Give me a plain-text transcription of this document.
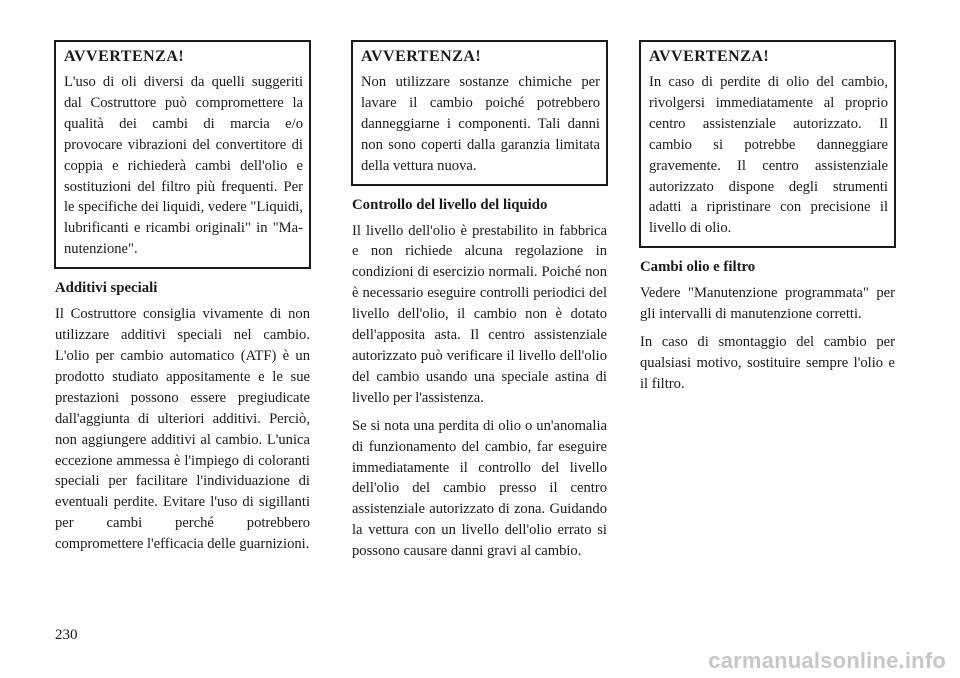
AVVERTENZA!

L'uso di oli diversi da quelli suggeriti dal Costruttore può compromettere la qualità dei cambi di marcia e/o provocare vibrazioni del convertitore di coppia e richiederà cambi dell'olio e sostituzioni del filtro più frequenti. Per le specifiche dei liquidi, vedere "Liquidi, lubrificanti e ricambi originali" in "Manutenzione".

Additivi speciali

Il Costruttore consiglia vivamente di non utilizzare additivi speciali nel cambio. L'olio per cambio automatico (ATF) è un prodotto studiato appositamente e le sue prestazioni possono essere pregiudicate dall'aggiunta di ulteriori additivi. Perciò, non aggiungere additivi al cambio. L'unica eccezione ammessa è l'impiego di coloranti speciali per facilitare l'individuazione di eventuali perdite. Evitare l'uso di sigillanti per cambi perché potrebbero compromettere l'efficacia delle guarnizioni.

AVVERTENZA!

Non utilizzare sostanze chimiche per lavare il cambio poiché potrebbero danneggiarne i componenti. Tali danni non sono coperti dalla garanzia limitata della vettura nuova.

Controllo del livello del liquido

Il livello dell'olio è prestabilito in fabbrica e non richiede alcuna regolazione in condizioni di esercizio normali. Poiché non è necessario eseguire controlli periodici del livello dell'olio, il cambio non è dotato dell'apposita asta. Il centro assistenziale autorizzato può verificare il livello dell'olio del cambio usando una speciale astina di livello per l'assistenza.

Se si nota una perdita di olio o un'anomalia di funzionamento del cambio, far eseguire immediatamente il controllo del livello dell'olio del cambio presso il centro assistenziale autorizzato di zona. Guidando la vettura con un livello dell'olio errato si possono causare danni gravi al cambio.

AVVERTENZA!

In caso di perdite di olio del cambio, rivolgersi immediatamente al proprio centro assistenziale autorizzato. Il cambio si potrebbe danneggiare gravemente. Il centro assistenziale autorizzato dispone degli strumenti adatti a ripristinare con precisione il livello di olio.

Cambi olio e filtro

Vedere "Manutenzione programmata" per gli intervalli di manutenzione corretti.

In caso di smontaggio del cambio per qualsiasi motivo, sostituire sempre l'olio e il filtro.

230
carmanualsonline.info
